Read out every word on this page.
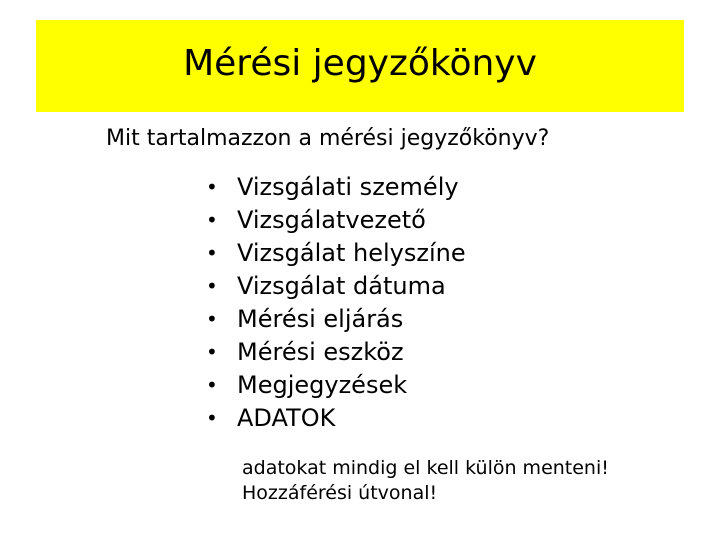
Mérési jegyzőkönyv
Mit tartalmazzon a mérési jegyzőkönyv?
• Vizsgálati személy
• Vizsgálatvezető
• Vizsgálat helyszíne
• Vizsgálat dátuma
• Mérési eljárás
• Mérési eszköz
• Megjegyzések
• ADATOK
adatokat mindig el kell külön menteni!
Hozzáférési útvonal!
